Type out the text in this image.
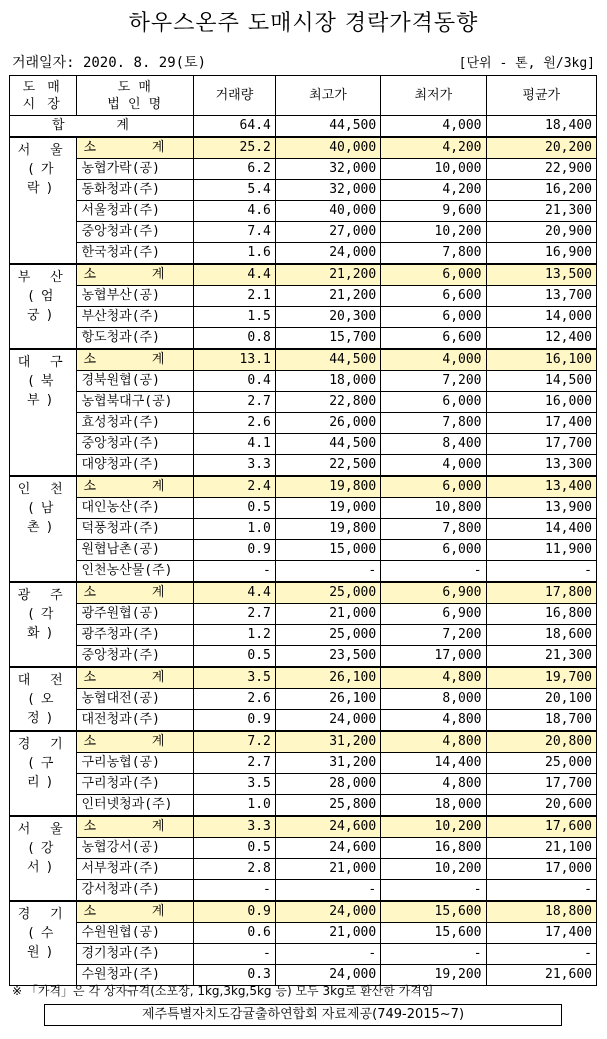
하우스온주 도매시장 경락가격동향
거래일자: 2020. 8. 29(토)	[단위 - 톤, 원/3kg]
도 매
시 장	도 매
법 인 명	거래량	최고가	최저가	평균가
합 계		64.4	44,500	4,000	18,400
서 울
(가 락)	소 계	25.2	40,000	4,200	20,200
	농협가락(공)	6.2	32,000	10,000	22,900
	동화청과(주)	5.4	32,000	4,200	16,200
	서울청과(주)	4.6	40,000	9,600	21,300
	중앙청과(주)	7.4	27,000	10,200	20,900
	한국청과(주)	1.6	24,000	7,800	16,900
부 산
(엄 궁)	소 계	4.4	21,200	6,000	13,500
	농협부산(공)	2.1	21,200	6,600	13,700
	부산청과(주)	1.5	20,300	6,000	14,000
	항도청과(주)	0.8	15,700	6,600	12,400
대 구
(북 부)	소 계	13.1	44,500	4,000	16,100
	경북원협(공)	0.4	18,000	7,200	14,500
	농협북대구(공)	2.7	22,800	6,000	16,000
	효성청과(주)	2.6	26,000	7,800	17,400
	중앙청과(주)	4.1	44,500	8,400	17,700
	대양청과(주)	3.3	22,500	4,000	13,300
인 천
(남 촌)	소 계	2.4	19,800	6,000	13,400
	대인농산(주)	0.5	19,000	10,800	13,900
	덕풍청과(주)	1.0	19,800	7,800	14,400
	원협남촌(공)	0.9	15,000	6,000	11,900
	인천농산물(주)	-	-	-	-
광 주
(각 화)	소 계	4.4	25,000	6,900	17,800
	광주원협(공)	2.7	21,000	6,900	16,800
	광주청과(주)	1.2	25,000	7,200	18,600
	중앙청과(주)	0.5	23,500	17,000	21,300
대 전
(오 정)	소 계	3.5	26,100	4,800	19,700
	농협대전(공)	2.6	26,100	8,000	20,100
	대전청과(주)	0.9	24,000	4,800	18,700
경 기
(구 리)	소 계	7.2	31,200	4,800	20,800
	구리농협(공)	2.7	31,200	14,400	25,000
	구리청과(주)	3.5	28,000	4,800	17,700
	인터넷청과(주)	1.0	25,800	18,000	20,600
서 울
(강 서)	소 계	3.3	24,600	10,200	17,600
	농협강서(공)	0.5	24,600	16,800	21,100
	서부청과(주)	2.8	21,000	10,200	17,000
	강서청과(주)	-	-	-	-
경 기
(수 원)	소 계	0.9	24,000	15,600	18,800
	수원원협(공)	0.6	21,000	15,600	17,400
	경기청과(주)	-	-	-	-
	수원청과(주)	0.3	24,000	19,200	21,600
※ 「가격」은 각 상자규격(소포장, 1kg,3kg,5kg 등) 모두 3kg로 환산한 가격임
제주특별자치도감귤출하연합회 자료제공(749-2015~7)
